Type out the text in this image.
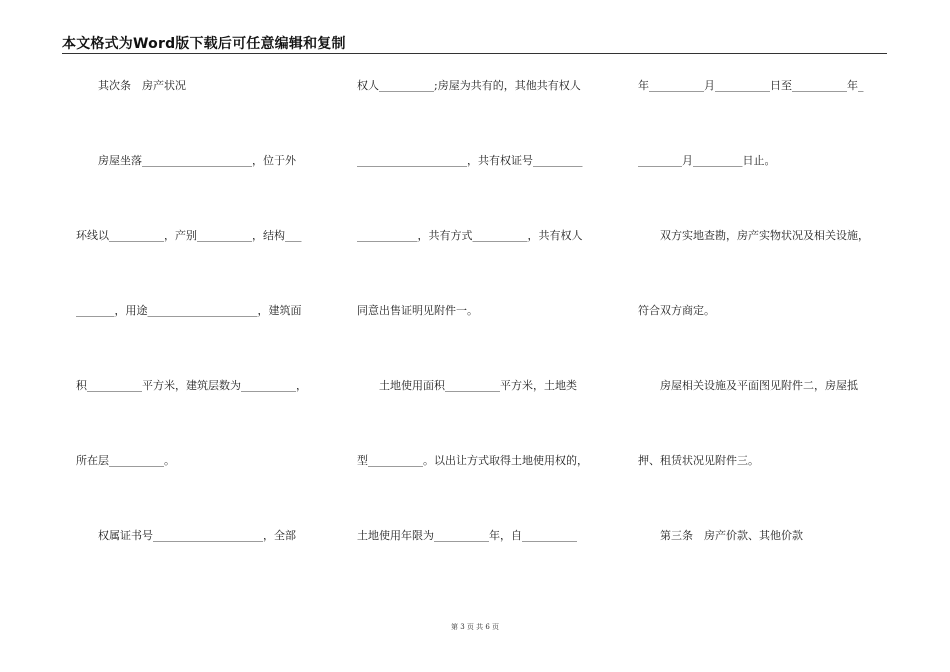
本文格式为Word版下载后可任意编辑和复制
　　其次条　房产状况
　　房屋坐落____________________，位于外
环线以__________，产别__________，结构___
_______，用途____________________，建筑面
积__________平方米，建筑层数为__________，
所在层__________。
　　权属证书号____________________，全部
权人__________;房屋为共有的，其他共有权人
____________________，共有权证号_________
___________，共有方式__________，共有权人
同意出售证明见附件一。
　　土地使用面积__________平方米，土地类
型__________。以出让方式取得土地使用权的，
土地使用年限为__________年，自__________
年__________月__________日至__________年_
________月_________日止。
　　双方实地查勘，房产实物状况及相关设施，
符合双方商定。
　　房屋相关设施及平面图见附件二，房屋抵
押、租赁状况见附件三。
　　第三条　房产价款、其他价款
第 3 页 共 6 页
